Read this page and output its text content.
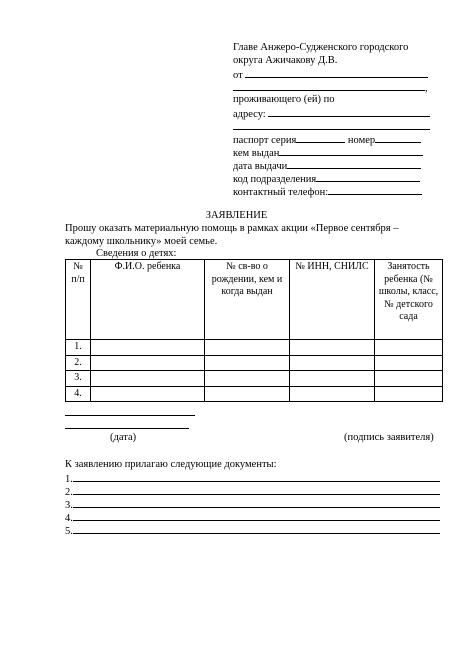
Главе Анжеро-Судженского городского
округа Ажичакову Д.В.
от
,
проживающего (ей) по
адресу:
паспорт серия	номер
кем выдан
дата выдачи
код подразделения
контактный телефон:
ЗАЯВЛЕНИЕ
Прошу оказать материальную помощь в рамках акции «Первое сентября –
каждому школьнику» моей семье.
Сведения о детях:
№ п/п	Ф.И.О. ребенка	№ св-во о рождении, кем и когда выдан	№ ИНН, СНИЛС	Занятость ребенка (№ школы, класс, № детского сада
1.				
2.				
3.				
4.				
(дата)	(подпись заявителя)
К заявлению прилагаю следующие документы:
1.
2.
3.
4.
5.
